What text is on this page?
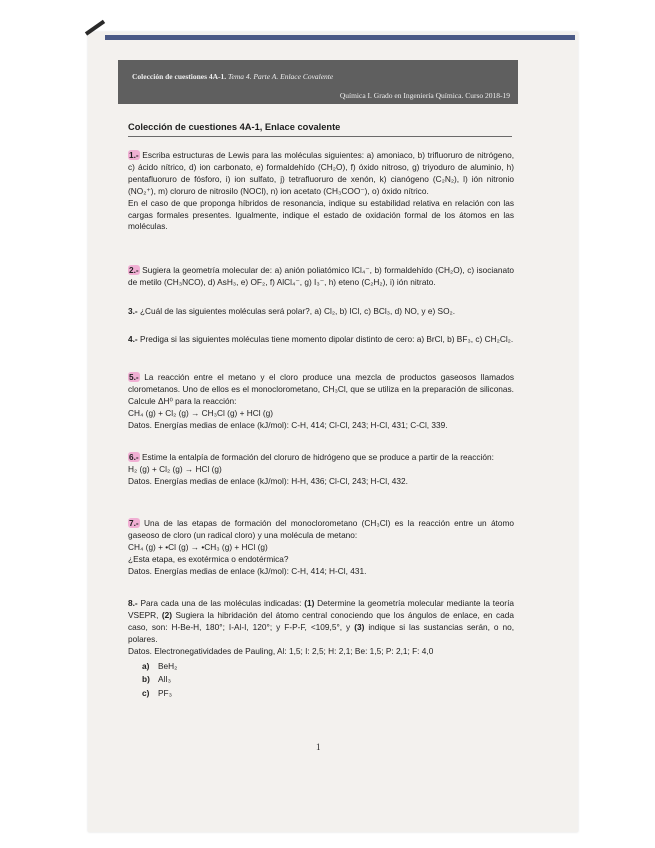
Colección de cuestiones 4A-1. Tema 4. Parte A. Enlace Covalente
Química I. Grado en Ingeniería Química. Curso 2018-19
Colección de cuestiones 4A-1, Enlace covalente

1.- Escriba estructuras de Lewis para las moléculas siguientes: a) amoniaco, b) trifluoruro de nitrógeno, c) ácido nítrico, d) ion carbonato, e) formaldehído (CH₂O), f) óxido nitroso, g) triyoduro de aluminio, h) pentafluoruro de fósforo, i) ion sulfato, j) tetrafluoruro de xenón, k) cianógeno (C₂N₂), l) ión nitronio (NO₂⁺), m) cloruro de nitrosilo (NOCl), n) ion acetato (CH₃COO⁻), o) óxido nítrico.

En el caso de que proponga híbridos de resonancia, indique su estabilidad relativa en relación con las cargas formales presentes. Igualmente, indique el estado de oxidación formal de los átomos en las moléculas.

2.- Sugiera la geometría molecular de: a) anión poliatómico ICl₄⁻, b) formaldehído (CH₂O), c) isocianato de metilo (CH₃NCO), d) AsH₃, e) OF₂, f) AlCl₄⁻, g) I₃⁻, h) eteno (C₂H₂), i) ión nitrato.

3.- ¿Cuál de las siguientes moléculas será polar?, a) Cl₂, b) ICl, c) BCl₃, d) NO, y e) SO₂.

4.- Prediga si las siguientes moléculas tiene momento dipolar distinto de cero: a) BrCl, b) BF₃, c) CH₂Cl₂.

5.- La reacción entre el metano y el cloro produce una mezcla de productos gaseosos llamados clorometanos. Uno de ellos es el monoclorometano, CH₃Cl, que se utiliza en la preparación de siliconas. Calcule ΔH⁰ para la reacción:

CH₄ (g) + Cl₂ (g) → CH₃Cl (g) + HCl (g)

Datos. Energías medias de enlace (kJ/mol): C-H, 414; Cl-Cl, 243; H-Cl, 431; C-Cl, 339.

6.- Estime la entalpía de formación del cloruro de hidrógeno que se produce a partir de la reacción:

H₂ (g) + Cl₂ (g) → HCl (g)

Datos. Energías medias de enlace (kJ/mol): H-H, 436; Cl-Cl, 243; H-Cl, 432.

7.- Una de las etapas de formación del monoclorometano (CH₃Cl) es la reacción entre un átomo gaseoso de cloro (un radical cloro) y una molécula de metano:

CH₄ (g) + •Cl (g) → •CH₃ (g) + HCl (g)

¿Esta etapa, es exotérmica o endotérmica?

Datos. Energías medias de enlace (kJ/mol): C-H, 414; H-Cl, 431.

8.- Para cada una de las moléculas indicadas: (1) Determine la geometría molecular mediante la teoría VSEPR, (2) Sugiera la hibridación del átomo central conociendo que los ángulos de enlace, en cada caso, son: H-Be-H, 180°; I-Al-I, 120°; y F-P-F, <109,5°, y (3) indique si las sustancias serán, o no, polares.

Datos. Electronegatividades de Pauling, Al: 1,5; I: 2,5; H: 2,1; Be: 1,5; P: 2,1; F: 4,0

a) BeH₂
b) AlI₃
c) PF₃
1
